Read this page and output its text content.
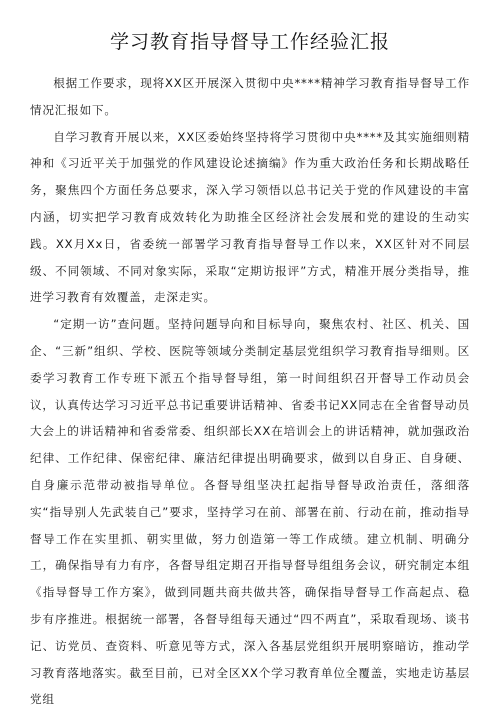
学习教育指导督导工作经验汇报

根据工作要求，现将XX区开展深入贯彻中央****精神学习教育指导督导工作情况汇报如下。

自学习教育开展以来，XX区委始终坚持将学习贯彻中央****及其实施细则精神和《习近平关于加强党的作风建设论述摘编》作为重大政治任务和长期战略任务，聚焦四个方面任务总要求，深入学习领悟以总书记关于党的作风建设的丰富内涵，切实把学习教育成效转化为助推全区经济社会发展和党的建设的生动实践。XX月Xx日，省委统一部署学习教育指导督导工作以来，XX区针对不同层级、不同领域、不同对象实际，采取“定期访报评”方式，精准开展分类指导，推进学习教育有效覆盖，走深走实。

“定期一访”查问题。坚持问题导向和目标导向，聚焦农村、社区、机关、国企、“三新”组织、学校、医院等领域分类制定基层党组织学习教育指导细则。区委学习教育工作专班下派五个指导督导组，第一时间组织召开督导工作动员会议，认真传达学习习近平总书记重要讲话精神、省委书记XX同志在全省督导动员大会上的讲话精神和省委常委、组织部长XX在培训会上的讲话精神，就加强政治纪律、工作纪律、保密纪律、廉洁纪律提出明确要求，做到以自身正、自身硬、自身廉示范带动被指导单位。各督导组坚决扛起指导督导政治责任，落细落实“指导别人先武装自己”要求，坚持学习在前、部署在前、行动在前，推动指导督导工作在实里抓、朝实里做，努力创造第一等工作成绩。建立机制、明确分工，确保指导有力有序，各督导组定期召开指导督导组组务会议，研究制定本组《指导督导工作方案》，做到同题共商共做共答，确保指导督导工作高起点、稳步有序推进。根据统一部署，各督导组每天通过“四不两直”，采取看现场、谈书记、访党员、查资料、听意见等方式，深入各基层党组织开展明察暗访，推动学习教育落地落实。截至目前，已对全区XX个学习教育单位全覆盖，实地走访基层党组
